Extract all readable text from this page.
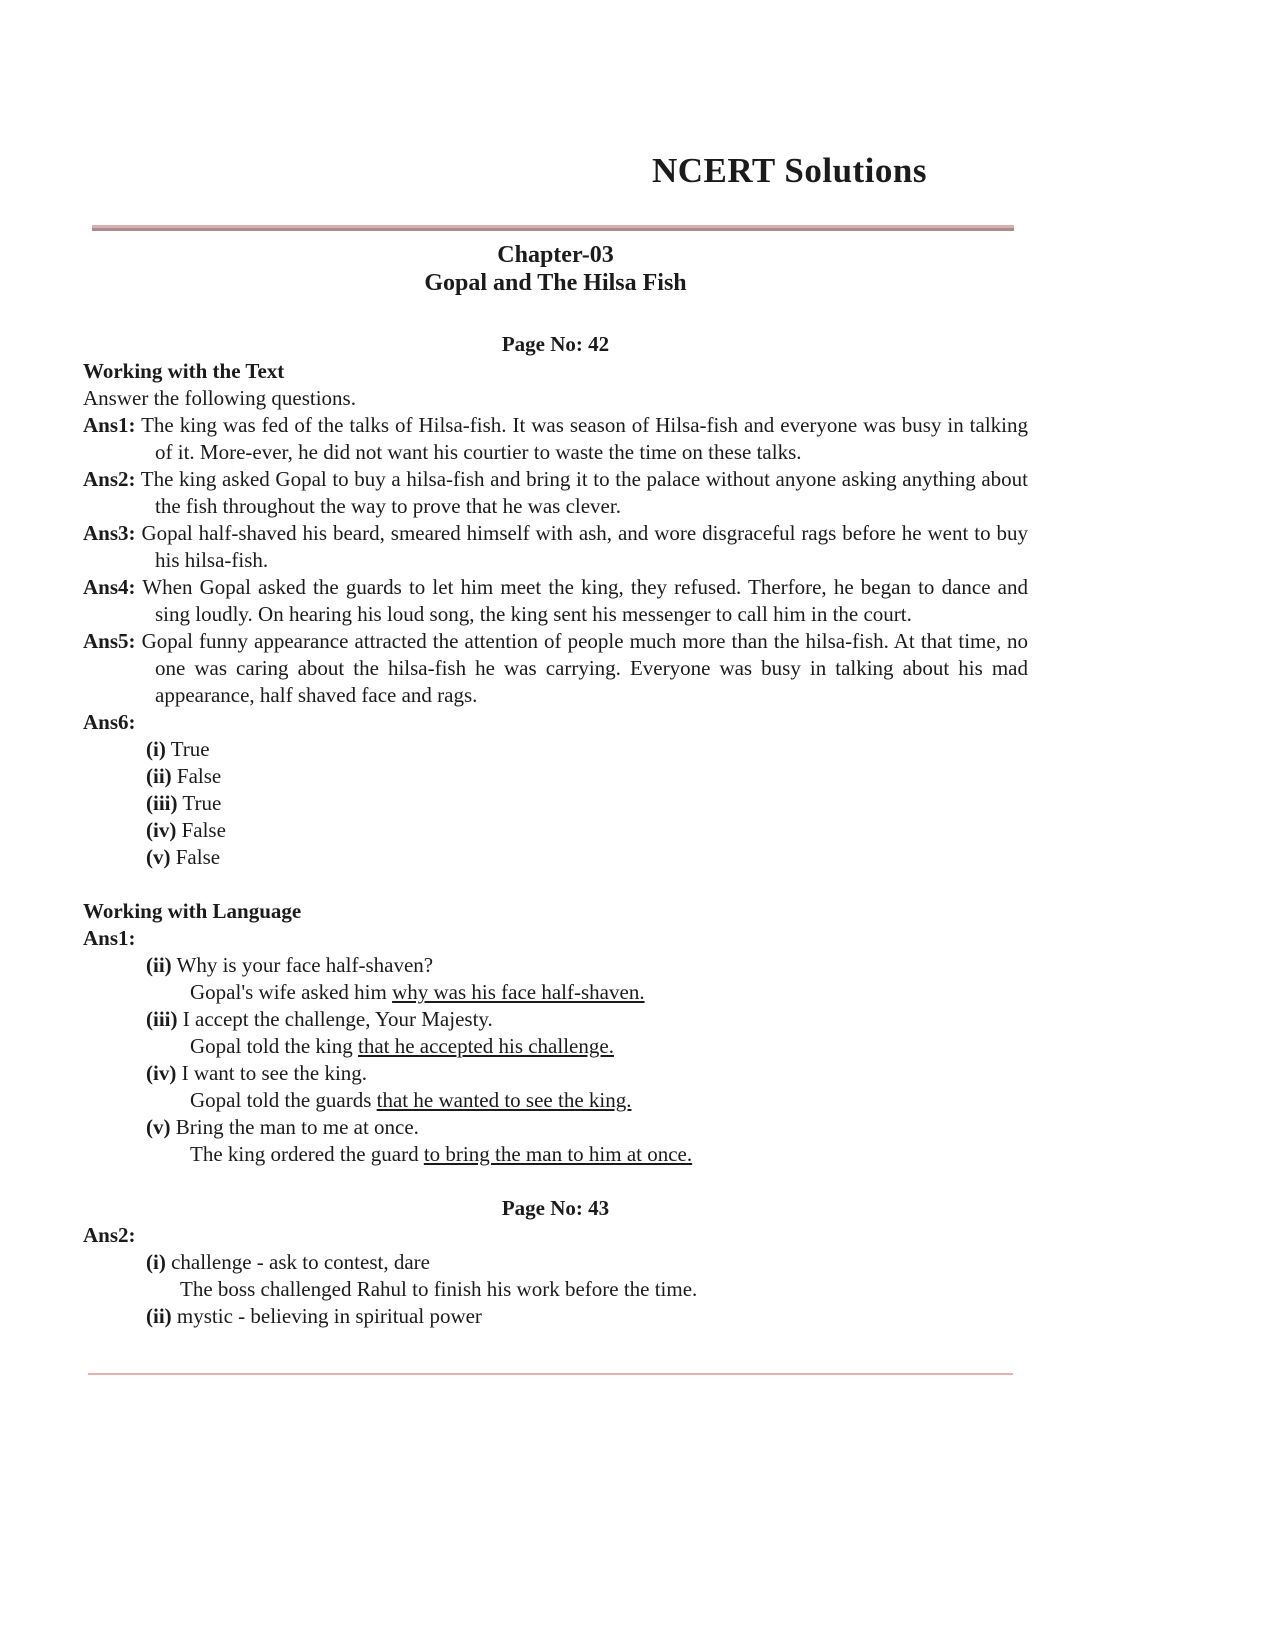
NCERT Solutions
Chapter-03
Gopal and The Hilsa Fish
Page No: 42
Working with the Text
Answer the following questions.
Ans1: The king was fed of the talks of Hilsa-fish. It was season of Hilsa-fish and everyone was busy in talking of it. More-ever, he did not want his courtier to waste the time on these talks.
Ans2: The king asked Gopal to buy a hilsa-fish and bring it to the palace without anyone asking anything about the fish throughout the way to prove that he was clever.
Ans3: Gopal half-shaved his beard, smeared himself with ash, and wore disgraceful rags before he went to buy his hilsa-fish.
Ans4: When Gopal asked the guards to let him meet the king, they refused. Therfore, he began to dance and sing loudly. On hearing his loud song, the king sent his messenger to call him in the court.
Ans5: Gopal funny appearance attracted the attention of people much more than the hilsa-fish. At that time, no one was caring about the hilsa-fish he was carrying. Everyone was busy in talking about his mad appearance, half shaved face and rags.
Ans6:
(i) True
(ii) False
(iii) True
(iv) False
(v) False
Working with Language
Ans1:
(ii) Why is your face half-shaven?
Gopal's wife asked him why was his face half-shaven.
(iii) I accept the challenge, Your Majesty.
Gopal told the king that he accepted his challenge.
(iv) I want to see the king.
Gopal told the guards that he wanted to see the king.
(v) Bring the man to me at once.
The king ordered the guard to bring the man to him at once.
Page No: 43
Ans2:
(i) challenge - ask to contest, dare
The boss challenged Rahul to finish his work before the time.
(ii) mystic - believing in spiritual power
